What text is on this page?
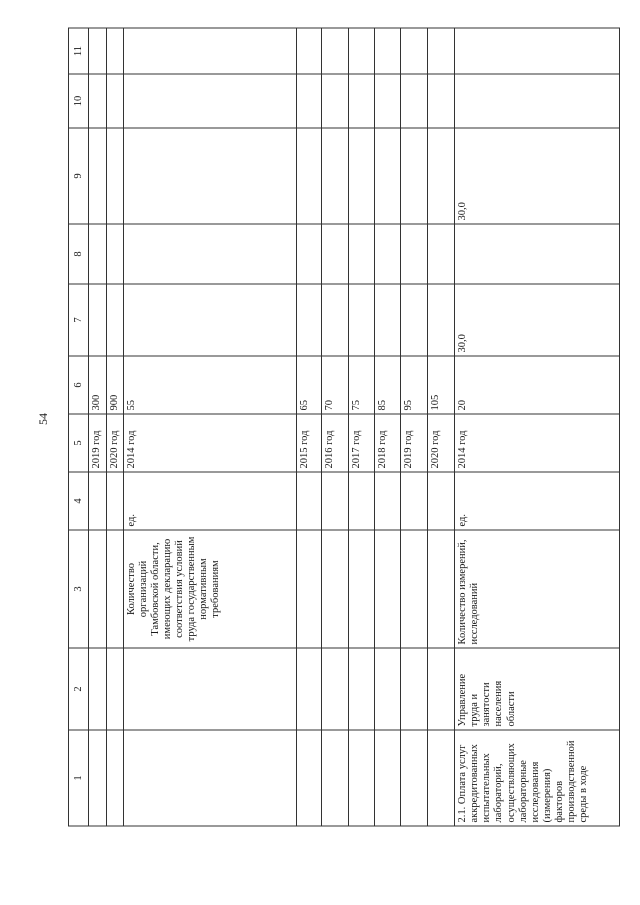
54
1	2	3	4	5	6	7	8	9	10	11
				2019 год	300					
				2020 год	900					
		Количество организаций Тамбовской области, имеющих декларацию соответствия условий труда государственным нормативным требованиям	ед.	2014 год	55					
				2015 год	65					
				2016 год	70					
				2017 год	75					
				2018 год	85					
				2019 год	95					
				2020 год	105					
2.1. Оплата услуг аккредитованных испытательных лабораторий, осуществляющих лабораторные исследования (измерения) факторов производственной среды в ходе	Управление труда и занятости населения области	Количество измерений, исследований	ед.	2014 год	20	30,0		30,0		
